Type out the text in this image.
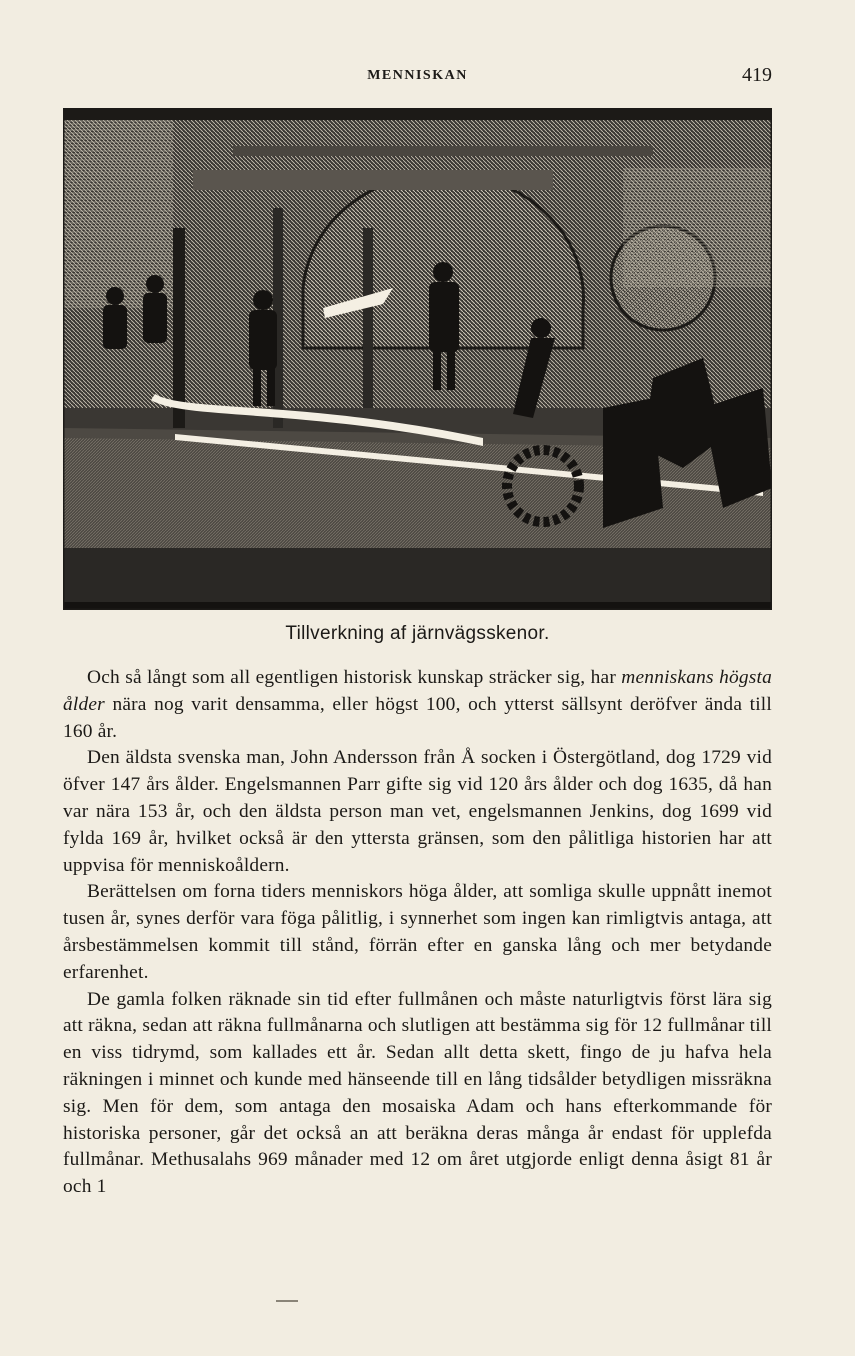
MENNISKAN	419
Tillverkning af järnvägsskenor.

Och så långt som all egentligen historisk kunskap sträcker sig, har menniskans högsta ålder nära nog varit densamma, eller högst 100, och ytterst sällsynt deröfver ända till 160 år.

Den äldsta svenska man, John Andersson från Å socken i Östergötland, dog 1729 vid öfver 147 års ålder. Engelsmannen Parr gifte sig vid 120 års ålder och dog 1635, då han var nära 153 år, och den äldsta person man vet, engelsmannen Jenkins, dog 1699 vid fylda 169 år, hvilket också är den yttersta gränsen, som den pålitliga historien har att uppvisa för menniskoåldern.

Berättelsen om forna tiders menniskors höga ålder, att somliga skulle uppnått inemot tusen år, synes derför vara föga pålitlig, i synnerhet som ingen kan rimligtvis antaga, att årsbestämmelsen kommit till stånd, förrän efter en ganska lång och mer betydande erfarenhet.

De gamla folken räknade sin tid efter fullmånen och måste naturligtvis först lära sig att räkna, sedan att räkna fullmånarna och slutligen att bestämma sig för 12 fullmånar till en viss tidrymd, som kallades ett år. Sedan allt detta skett, fingo de ju hafva hela räkningen i minnet och kunde med hänseende till en lång tidsålder betydligen missräkna sig. Men för dem, som antaga den mosaiska Adam och hans efterkommande för historiska personer, går det också an att beräkna deras många år endast för upplefda fullmånar. Methusalahs 969 månader med 12 om året utgjorde enligt denna åsigt 81 år och 1
